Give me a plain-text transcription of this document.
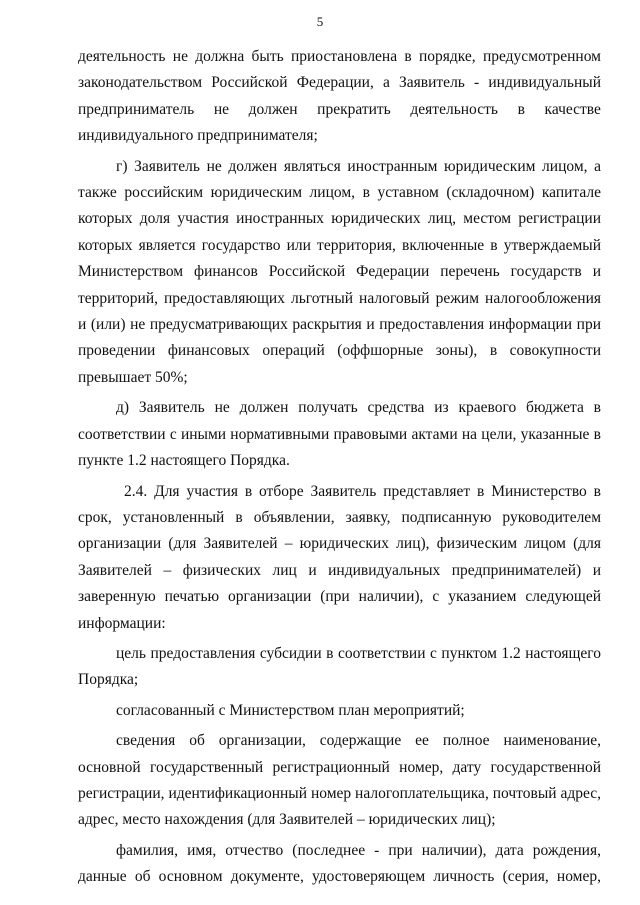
5
деятельность не должна быть приостановлена в порядке, предусмотренном
законодательством Российской Федерации, а Заявитель - индивидуальный
предприниматель не должен прекратить деятельность в качестве
индивидуального предпринимателя;

г) Заявитель не должен являться иностранным юридическим лицом, а также российским юридическим лицом, в уставном (складочном) капитале которых доля участия иностранных юридических лиц, местом регистрации которых является государство или территория, включенные в утверждаемый Министерством финансов Российской Федерации перечень государств и территорий, предоставляющих льготный налоговый режим налогообложения и (или) не предусматривающих раскрытия и предоставления информации при проведении финансовых операций (оффшорные зоны), в совокупности превышает 50%;

д) Заявитель не должен получать средства из краевого бюджета в соответствии с иными нормативными правовыми актами на цели, указанные в пункте 1.2 настоящего Порядка.

2.4. Для участия в отборе Заявитель представляет в Министерство в срок, установленный в объявлении, заявку, подписанную руководителем организации (для Заявителей – юридических лиц), физическим лицом (для Заявителей – физических лиц и индивидуальных предпринимателей) и заверенную печатью организации (при наличии), с указанием следующей информации:

цель предоставления субсидии в соответствии с пунктом 1.2 настоящего Порядка;

согласованный с Министерством план мероприятий;

сведения об организации, содержащие ее полное наименование, основной государственный регистрационный номер, дату государственной регистрации, идентификационный номер налогоплательщика, почтовый адрес, адрес, место нахождения (для Заявителей – юридических лиц);

фамилия, имя, отчество (последнее - при наличии), дата рождения, данные об основном документе, удостоверяющем личность (серия, номер,
